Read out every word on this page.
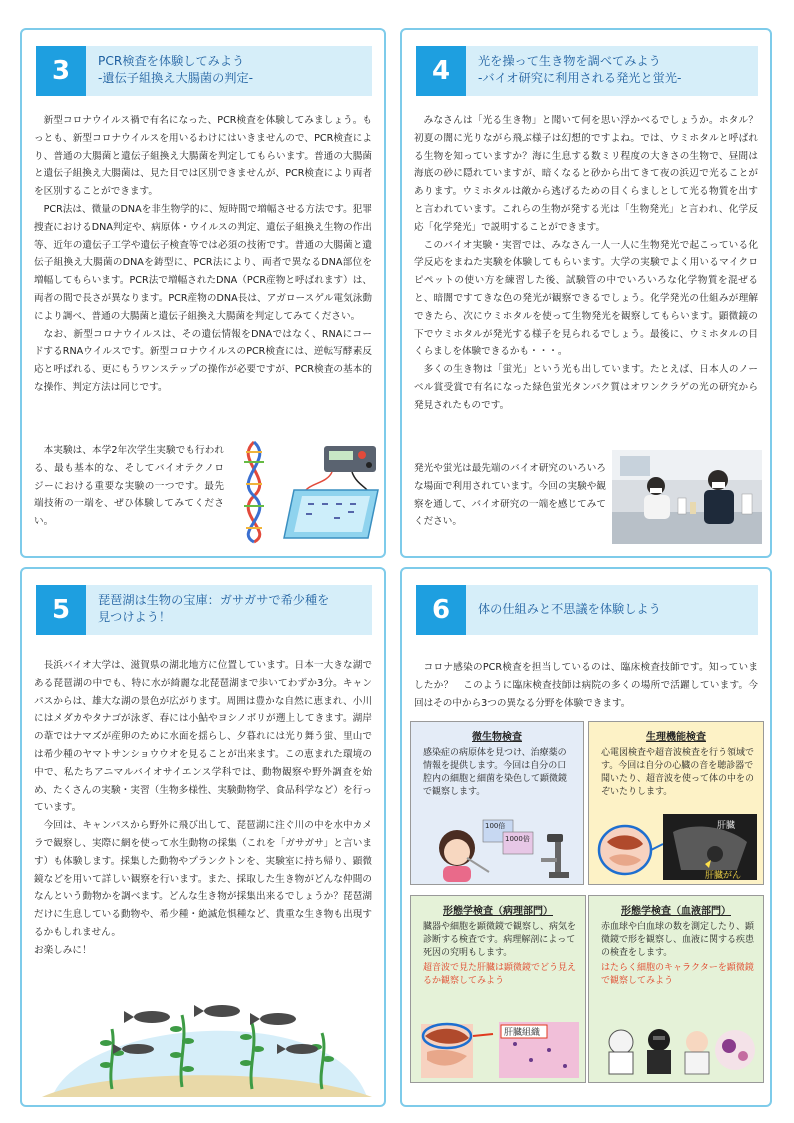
3	PCR検査を体験してみよう
-遺伝子組換え大腸菌の判定-

新型コロナウイルス禍で有名になった、PCR検査を体験してみましょう。もっとも、新型コロナウイルスを用いるわけにはいきませんので、PCR検査により、普通の大腸菌と遺伝子組換え大腸菌を判定してもらいます。普通の大腸菌と遺伝子組換え大腸菌は、見た目では区別できませんが、PCR検査により両者を区別することができます。

PCR法は、微量のDNAを非生物学的に、短時間で増幅させる方法です。犯罪捜査におけるDNA判定や、病原体・ウイルスの判定、遺伝子組換え生物の作出等、近年の遺伝子工学や遺伝子検査等では必須の技術です。普通の大腸菌と遺伝子組換え大腸菌のDNAを鋳型に、PCR法により、両者で異なるDNA部位を増幅してもらいます。PCR法で増幅されたDNA（PCR産物と呼ばれます）は、両者の間で長さが異なります。PCR産物のDNA長は、アガロースゲル電気泳動により調べ、普通の大腸菌と遺伝子組換え大腸菌を判定してみてください。

なお、新型コロナウイルスは、その遺伝情報をDNAではなく、RNAにコードするRNAウイルスです。新型コロナウイルスのPCR検査には、逆転写酵素反応と呼ばれる、更にもうワンステップの操作が必要ですが、PCR検査の基本的な操作、判定方法は同じです。

本実験は、本学2年次学生実験でも行われる、最も基本的な、そしてバイオテクノロジーにおける重要な実験の一つです。最先端技術の一端を、ぜひ体験してみてください。

4	光を操って生き物を調べてみよう
-バイオ研究に利用される発光と蛍光-

みなさんは「光る生き物」と聞いて何を思い浮かべるでしょうか。ホタル？初夏の闇に光りながら飛ぶ様子は幻想的ですよね。では、ウミホタルと呼ばれる生物を知っていますか？海に生息する数ミリ程度の大きさの生物で、昼間は海底の砂に隠れていますが、暗くなると砂から出てきて夜の浜辺で光ることがあります。ウミホタルは敵から逃げるための目くらましとして光る物質を出すと言われています。これらの生物が発する光は「生物発光」と言われ、化学反応「化学発光」で説明することができます。

このバイオ実験・実習では、みなさん一人一人に生物発光で起こっている化学反応をまねた実験を体験してもらいます。大学の実験でよく用いるマイクロピペットの使い方を練習した後、試験管の中でいろいろな化学物質を混ぜると、暗闇ですてきな色の発光が観察できるでしょう。化学発光の仕組みが理解できたら、次にウミホタルを使って生物発光を観察してもらいます。顕微鏡の下でウミホタルが発光する様子を見られるでしょう。最後に、ウミホタルの目くらましを体験できるかも・・・。

多くの生き物は「蛍光」という光も出しています。たとえば、日本人のノーベル賞受賞で有名になった緑色蛍光タンパク質はオワンクラゲの光の研究から発見されたものです。

発光や蛍光は最先端のバイオ研究のいろいろな場面で利用されています。今回の実験や観察を通して、バイオ研究の一端を感じてみてください。

5	琵琶湖は生物の宝庫：ガサガサで希少種を
見つけよう！

長浜バイオ大学は、滋賀県の湖北地方に位置しています。日本一大きな湖である琵琶湖の中でも、特に水が綺麗な北琵琶湖まで歩いてわずか3分。キャンパスからは、雄大な湖の景色が広がります。周囲は豊かな自然に恵まれ、小川にはメダカやタナゴが泳ぎ、春には小鮎やヨシノボリが遡上してきます。湖岸の葦ではナマズが産卵のために水面を揺らし、夕暮れには光り舞う蛍、里山では希少種のヤマトサンショウウオを見ることが出来ます。この恵まれた環境の中で、私たちアニマルバイオサイエンス学科では、動物観察や野外調査を始め、たくさんの実験・実習（生物多様性、実験動物学、食品科学など）を行っています。

今回は、キャンパスから野外に飛び出して、琵琶湖に注ぐ川の中を水中カメラで観察し、実際に網を使って水生動物の採集（これを「ガサガサ」と言います）も体験します。採集した動物やプランクトンを、実験室に持ち帰り、顕微鏡などを用いて詳しい観察を行います。また、採取した生き物がどんな仲間のなんという動物かを調べます。どんな生き物が採集出来るでしょうか？琵琶湖だけに生息している動物や、希少種・絶滅危惧種など、貴重な生き物も出現するかもしれません。

お楽しみに！

6	体の仕組みと不思議を体験しよう

コロナ感染のPCR検査を担当しているのは、臨床検査技師です。知っていましたか？　このように臨床検査技師は病院の多くの場所で活躍しています。今回はその中から3つの異なる分野を体験できます。

微生物検査
感染症の病原体を見つけ、治療薬の情報を提供します。今回は自分の口腔内の細胞と細菌を染色して顕微鏡で観察します。
100倍
1000倍
生理機能検査
心電図検査や超音波検査を行う領域です。今回は自分の心臓の音を聴診器で聞いたり、超音波を使って体の中をのぞいたりします。
肝臓
肝臓がん
形態学検査（病理部門）
臓器や細胞を顕微鏡で観察し、病気を診断する検査です。病理解剖によって死因の究明もします。
超音波で見た肝臓は顕微鏡でどう見えるか観察してみよう
肝臓組織
形態学検査（血液部門）
赤血球や白血球の数を測定したり、顕微鏡で形を観察し、血液に関する疾患の検査をします。
はたらく細胞のキャラクターを顕微鏡で観察してみよう
